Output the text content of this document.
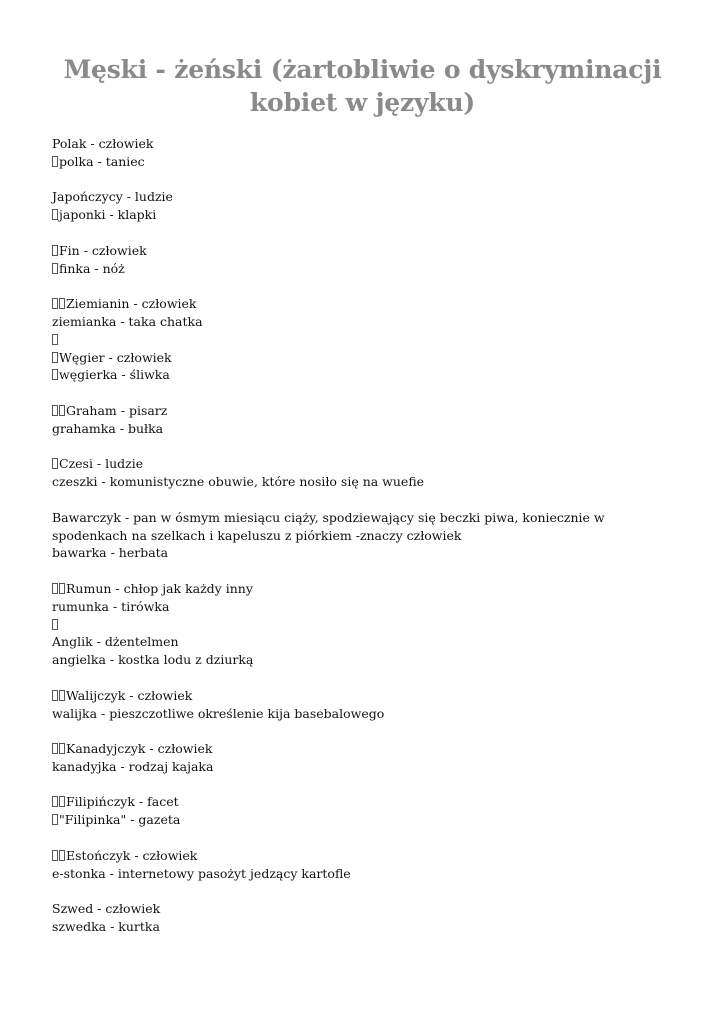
Męski - żeński (żartobliwie o dyskryminacji kobiet w języku)
Polak - człowiek
polka - taniec
Japończycy - ludzie
japonki - klapki
Fin - człowiek
finka - nóż
Ziemianin - człowiek
ziemianka - taka chatka
Węgier - człowiek
węgierka - śliwka
Graham - pisarz
grahamka - bułka
Czesi - ludzie
czeszki - komunistyczne obuwie, które nosiło się na wuefie
Bawarczyk - pan w ósmym miesiącu ciąży, spodziewający się beczki piwa, koniecznie w spodenkach na szelkach i kapeluszu z piórkiem -znaczy człowiek
bawarka - herbata
Rumun - chłop jak każdy inny
rumunka - tirówka
Anglik - dżentelmen
angielka - kostka lodu z dziurką
Walijczyk - człowiek
walijka - pieszczotliwe określenie kija basebalowego
Kanadyjczyk - człowiek
kanadyjka - rodzaj kajaka
Filipińczyk - facet
"Filipinka" - gazeta
Estończyk - człowiek
e-stonka - internetowy pasożyt jedzący kartofle
Szwed - człowiek
szwedka - kurtka
